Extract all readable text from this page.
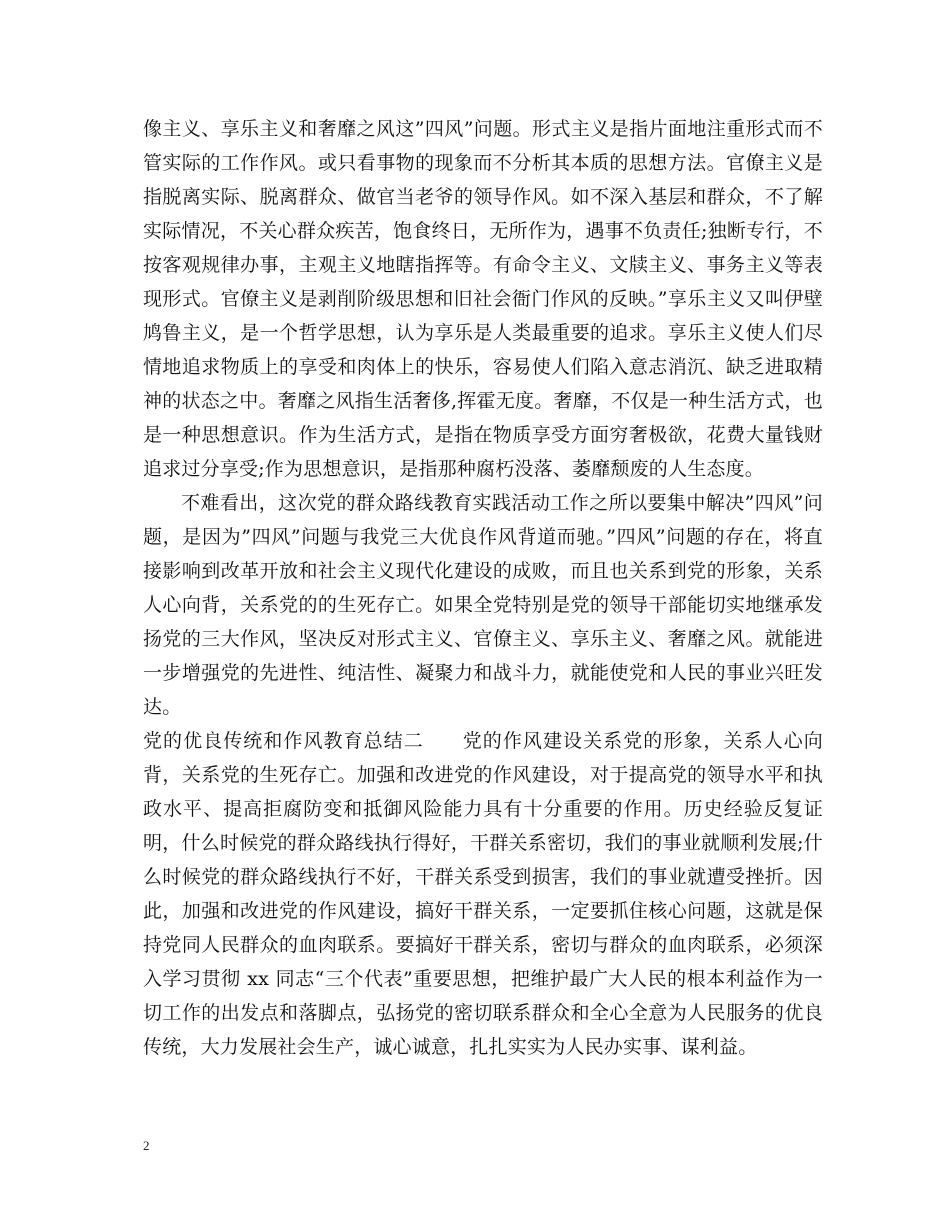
像主义、享乐主义和奢靡之风这”四风”问题。形式主义是指片面地注重形式而不管实际的工作作风。或只看事物的现象而不分析其本质的思想方法。官僚主义是指脱离实际、脱离群众、做官当老爷的领导作风。如不深入基层和群众，不了解实际情况，不关心群众疾苦，饱食终日，无所作为，遇事不负责任;独断专行，不按客观规律办事，主观主义地瞎指挥等。有命令主义、文牍主义、事务主义等表现形式。官僚主义是剥削阶级思想和旧社会衙门作风的反映。”享乐主义又叫伊壁鸠鲁主义，是一个哲学思想，认为享乐是人类最重要的追求。享乐主义使人们尽情地追求物质上的享受和肉体上的快乐，容易使人们陷入意志消沉、缺乏进取精神的状态之中。奢靡之风指生活奢侈,挥霍无度。奢靡，不仅是一种生活方式，也是一种思想意识。作为生活方式，是指在物质享受方面穷奢极欲，花费大量钱财追求过分享受;作为思想意识，是指那种腐朽没落、萎靡颓废的人生态度。

不难看出，这次党的群众路线教育实践活动工作之所以要集中解决”四风”问题，是因为”四风”问题与我党三大优良作风背道而驰。”四风”问题的存在，将直接影响到改革开放和社会主义现代化建设的成败，而且也关系到党的形象，关系人心向背，关系党的的生死存亡。如果全党特别是党的领导干部能切实地继承发扬党的三大作风，坚决反对形式主义、官僚主义、享乐主义、奢靡之风。就能进一步增强党的先进性、纯洁性、凝聚力和战斗力，就能使党和人民的事业兴旺发达。

党的优良传统和作风教育总结二 党的作风建设关系党的形象，关系人心向背，关系党的生死存亡。加强和改进党的作风建设，对于提高党的领导水平和执政水平、提高拒腐防变和抵御风险能力具有十分重要的作用。历史经验反复证明，什么时候党的群众路线执行得好，干群关系密切，我们的事业就顺利发展;什么时候党的群众路线执行不好，干群关系受到损害，我们的事业就遭受挫折。因此，加强和改进党的作风建设，搞好干群关系，一定要抓住核心问题，这就是保持党同人民群众的血肉联系。要搞好干群关系，密切与群众的血肉联系，必须深入学习贯彻 xx 同志“三个代表”重要思想，把维护最广大人民的根本利益作为一切工作的出发点和落脚点，弘扬党的密切联系群众和全心全意为人民服务的优良传统，大力发展社会生产，诚心诚意，扎扎实实为人民办实事、谋利益。

2
